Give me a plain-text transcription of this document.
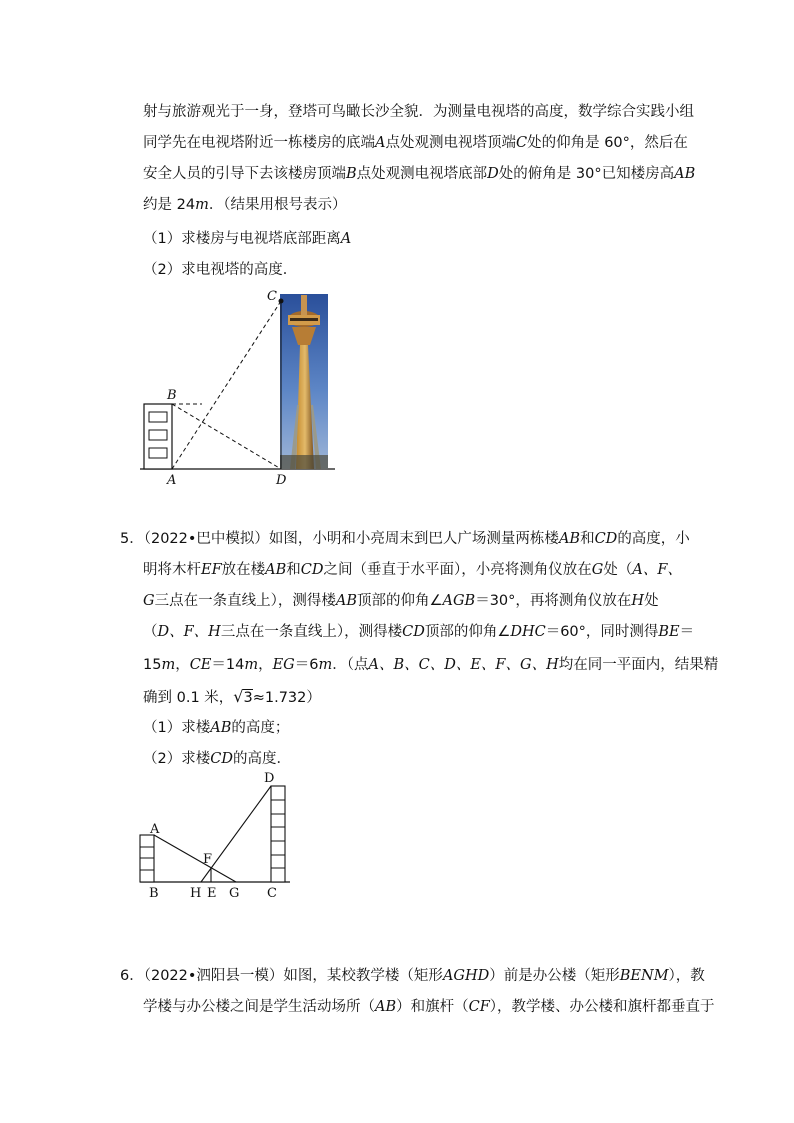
射与旅游观光于一身，登塔可鸟瞰长沙全貌．为测量电视塔的高度，数学综合实践小组
同学先在电视塔附近一栋楼房的底端A点处观测电视塔顶端C处的仰角是 60°，然后在
安全人员的引导下去该楼房顶端B点处观测电视塔底部D处的俯角是 30°已知楼房高AB
约是 24m．（结果用根号表示）
（1）求楼房与电视塔底部距离A
（2）求电视塔的高度．
C
B
A	D
5．（2022•巴中模拟）如图，小明和小亮周末到巴人广场测量两栋楼AB和CD的高度，小
明将木杆EF放在楼AB和CD之间（垂直于水平面），小亮将测角仪放在G处（A、F、
G三点在一条直线上），测得楼AB顶部的仰角∠AGB＝30°，再将测角仪放在H处
（D、F、H三点在一条直线上），测得楼CD顶部的仰角∠DHC＝60°，同时测得BE＝
15m，CE＝14m，EG＝6m．（点A、B、C、D、E、F、G、H均在同一平面内，结果精
确到 0.1 米，√3≈1.732）
（1）求楼AB的高度；
（2）求楼CD的高度．
D
A
F
B H E G C
6．（2022•泗阳县一模）如图，某校教学楼（矩形AGHD）前是办公楼（矩形BENM），教
学楼与办公楼之间是学生活动场所（AB）和旗杆（CF），教学楼、办公楼和旗杆都垂直于
